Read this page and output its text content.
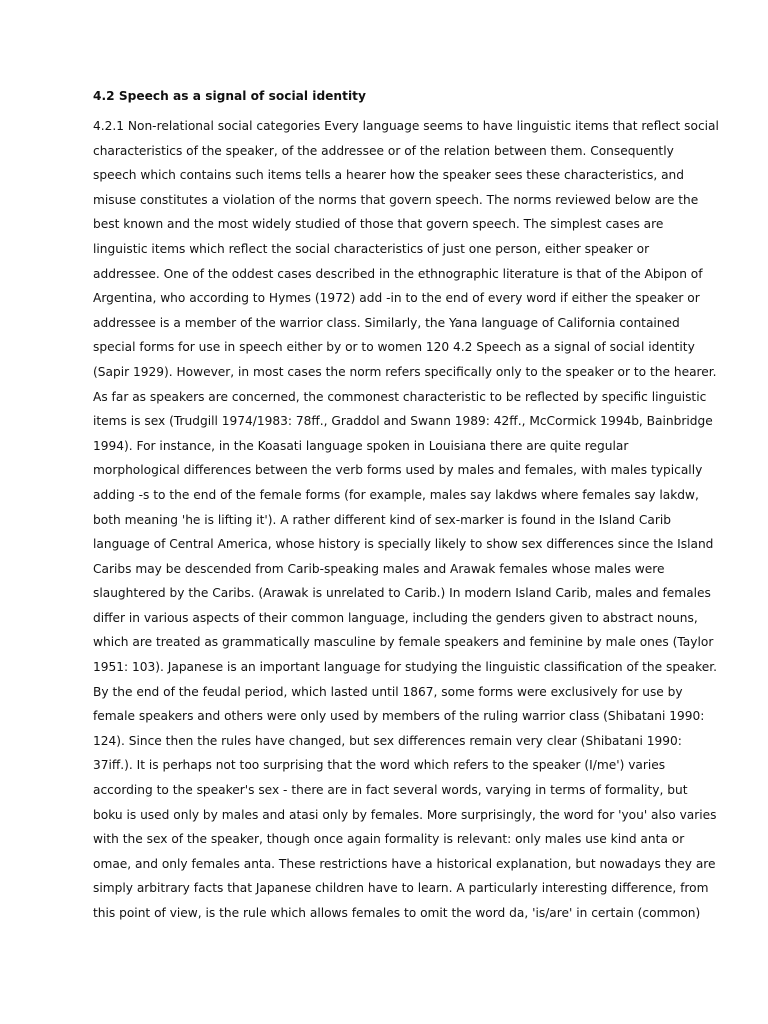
4.2 Speech as a signal of social identity
4.2.1 Non-relational social categories Every language seems to have linguistic items that reflect social
characteristics of the speaker, of the addressee or of the relation between them. Consequently
speech which contains such items tells a hearer how the speaker sees these characteristics, and
misuse constitutes a violation of the norms that govern speech. The norms reviewed below are the
best known and the most widely studied of those that govern speech. The simplest cases are
linguistic items which reflect the social characteristics of just one person, either speaker or
addressee. One of the oddest cases described in the ethnographic literature is that of the Abipon of
Argentina, who according to Hymes (1972) add -in to the end of every word if either the speaker or
addressee is a member of the warrior class. Similarly, the Yana language of California contained
special forms for use in speech either by or to women 120 4.2 Speech as a signal of social identity
(Sapir 1929). However, in most cases the norm refers specifically only to the speaker or to the hearer.
As far as speakers are concerned, the commonest characteristic to be reflected by specific linguistic
items is sex (Trudgill 1974/1983: 78ff., Graddol and Swann 1989: 42ff., McCormick 1994b, Bainbridge
1994). For instance, in the Koasati language spoken in Louisiana there are quite regular
morphological differences between the verb forms used by males and females, with males typically
adding -s to the end of the female forms (for example, males say lakdws where females say lakdw,
both meaning 'he is lifting it'). A rather different kind of sex-marker is found in the Island Carib
language of Central America, whose history is specially likely to show sex differences since the Island
Caribs may be descended from Carib-speaking males and Arawak females whose males were
slaughtered by the Caribs. (Arawak is unrelated to Carib.) In modern Island Carib, males and females
differ in various aspects of their common language, including the genders given to abstract nouns,
which are treated as grammatically masculine by female speakers and feminine by male ones (Taylor
1951: 103). Japanese is an important language for studying the linguistic classification of the speaker.
By the end of the feudal period, which lasted until 1867, some forms were exclusively for use by
female speakers and others were only used by members of the ruling warrior class (Shibatani 1990:
124). Since then the rules have changed, but sex differences remain very clear (Shibatani 1990:
37iff.). It is perhaps not too surprising that the word which refers to the speaker (I/me') varies
according to the speaker's sex - there are in fact several words, varying in terms of formality, but
boku is used only by males and atasi only by females. More surprisingly, the word for 'you' also varies
with the sex of the speaker, though once again formality is relevant: only males use kind anta or
omae, and only females anta. These restrictions have a historical explanation, but nowadays they are
simply arbitrary facts that Japanese children have to learn. A particularly interesting difference, from
this point of view, is the rule which allows females to omit the word da, 'is/are' in certain (common)
